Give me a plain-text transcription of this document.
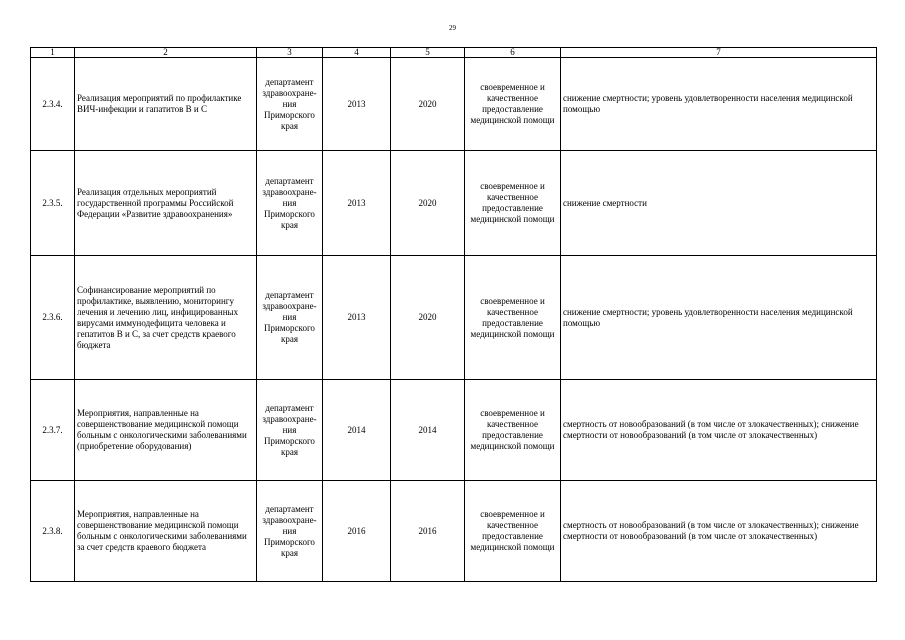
29
1	2	3	4	5	6	7
2.3.4.	Реализация мероприятий по профилактике ВИЧ-инфекции и гапатитов В и С	департамент здравоохране-ния Приморского края	2013	2020	своевременное и качественное предоставление медицинской помощи	снижение смертности; уровень удовлетворенности населения медицинской помощью
2.3.5.	Реализация отдельных мероприятий государственной программы Российской Федерации «Развитие здравоохранения»	департамент здравоохране-ния Приморского края	2013	2020	своевременное и качественное предоставление медицинской помощи	снижение смертности
2.3.6.	Софинансирование мероприятий по профилактике, выявлению, мониторингу лечения и лечению лиц, инфицированных вирусами иммунодефицита человека и гепатитов В и С, за счет средств краевого бюджета	департамент здравоохране-ния Приморского края	2013	2020	своевременное и качественное предоставление медицинской помощи	снижение смертности; уровень удовлетворенности населения медицинской помощью
2.3.7.	Мероприятия, направленные на совершенствование медицинской помощи больным с онкологическими заболеваниями (приобретение оборудования)	департамент здравоохране-ния Приморского края	2014	2014	своевременное и качественное предоставление медицинской помощи	смертность от новообразований (в том числе от злокачественных); снижение смертности от новообразований (в том числе от злокачественных)
2.3.8.	Мероприятия, направленные на совершенствование медицинской помощи больным с онкологическими заболеваниями за счет средств краевого бюджета	департамент здравоохране-ния Приморского края	2016	2016	своевременное и качественное предоставление медицинской помощи	смертность от новообразований (в том числе от злокачественных); снижение смертности от новообразований (в том числе от злокачественных)
